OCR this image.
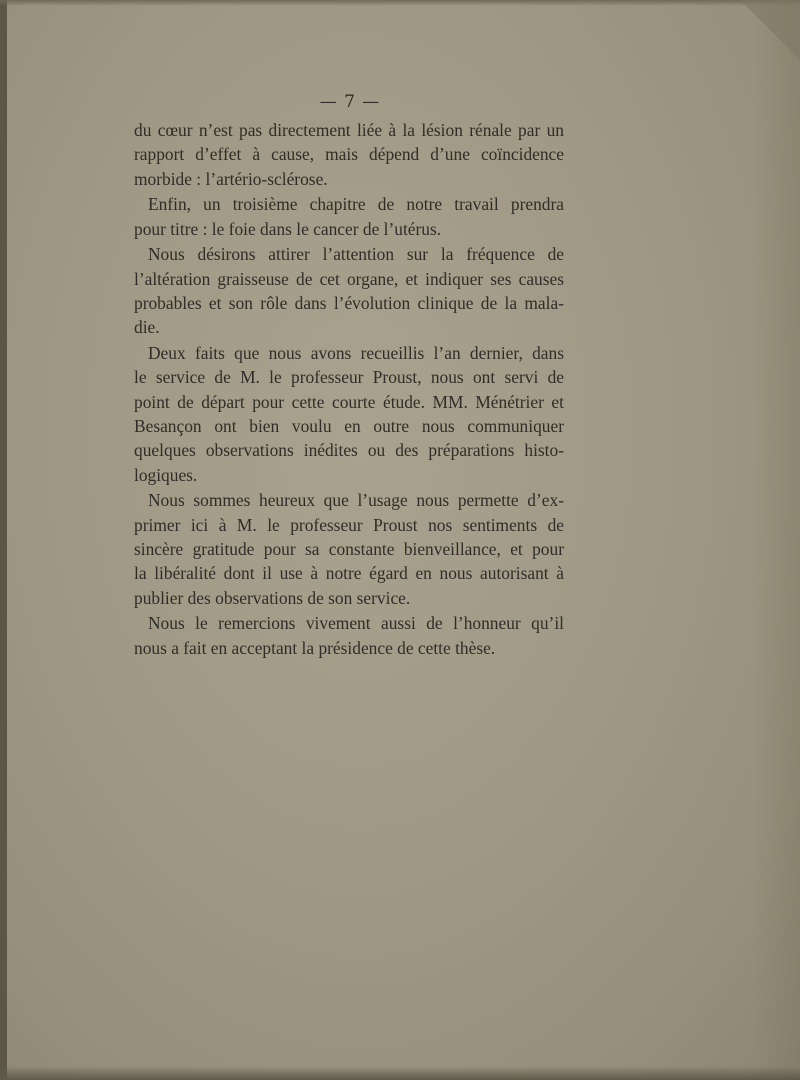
— 7 —
du cœur n’est pas directement liée à la lésion rénale par un
rapport d’effet à cause, mais dépend d’une coïncidence
morbide : l’artério-sclérose.
Enfin, un troisième chapitre de notre travail prendra
pour titre : le foie dans le cancer de l’utérus.
Nous désirons attirer l’attention sur la fréquence de
l’altération graisseuse de cet organe, et indiquer ses causes
probables et son rôle dans l’évolution clinique de la mala-
die.
Deux faits que nous avons recueillis l’an dernier, dans
le service de M. le professeur Proust, nous ont servi de
point de départ pour cette courte étude. MM. Ménétrier et
Besançon ont bien voulu en outre nous communiquer
quelques observations inédites ou des préparations histo-
logiques.
Nous sommes heureux que l’usage nous permette d’ex-
primer ici à M. le professeur Proust nos sentiments de
sincère gratitude pour sa constante bienveillance, et pour
la libéralité dont il use à notre égard en nous autorisant à
publier des observations de son service.
Nous le remercions vivement aussi de l’honneur qu’il
nous a fait en acceptant la présidence de cette thèse.
